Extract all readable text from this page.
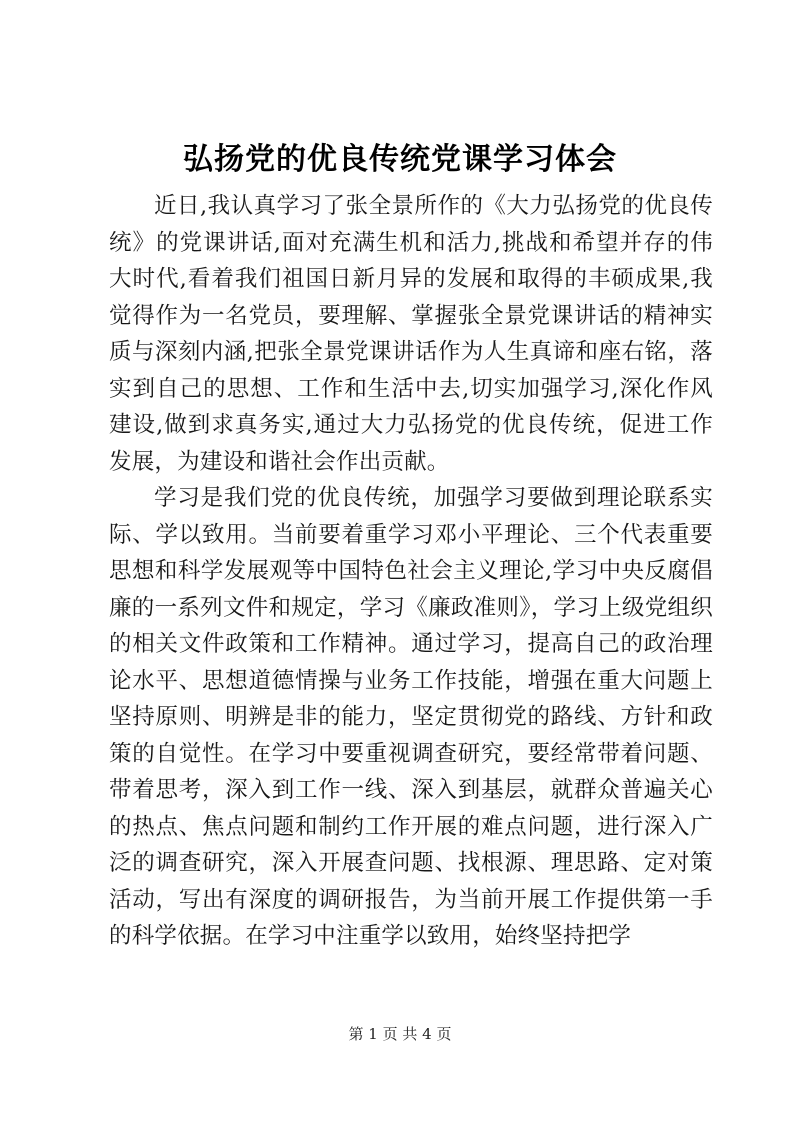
弘扬党的优良传统党课学习体会

近日,我认真学习了张全景所作的《大力弘扬党的优良传统》的党课讲话,面对充满生机和活力,挑战和希望并存的伟大时代,看着我们祖国日新月异的发展和取得的丰硕成果,我觉得作为一名党员，要理解、掌握张全景党课讲话的精神实质与深刻内涵,把张全景党课讲话作为人生真谛和座右铭，落实到自己的思想、工作和生活中去,切实加强学习,深化作风建设,做到求真务实,通过大力弘扬党的优良传统，促进工作发展，为建设和谐社会作出贡献。

学习是我们党的优良传统，加强学习要做到理论联系实际、学以致用。当前要着重学习邓小平理论、三个代表重要思想和科学发展观等中国特色社会主义理论,学习中央反腐倡廉的一系列文件和规定，学习《廉政准则》，学习上级党组织的相关文件政策和工作精神。通过学习，提高自己的政治理论水平、思想道德情操与业务工作技能，增强在重大问题上坚持原则、明辨是非的能力，坚定贯彻党的路线、方针和政策的自觉性。在学习中要重视调查研究，要经常带着问题、带着思考，深入到工作一线、深入到基层，就群众普遍关心的热点、焦点问题和制约工作开展的难点问题，进行深入广泛的调查研究，深入开展查问题、找根源、理思路、定对策活动，写出有深度的调研报告，为当前开展工作提供第一手的科学依据。在学习中注重学以致用，始终坚持把学

第 1 页 共 4 页
